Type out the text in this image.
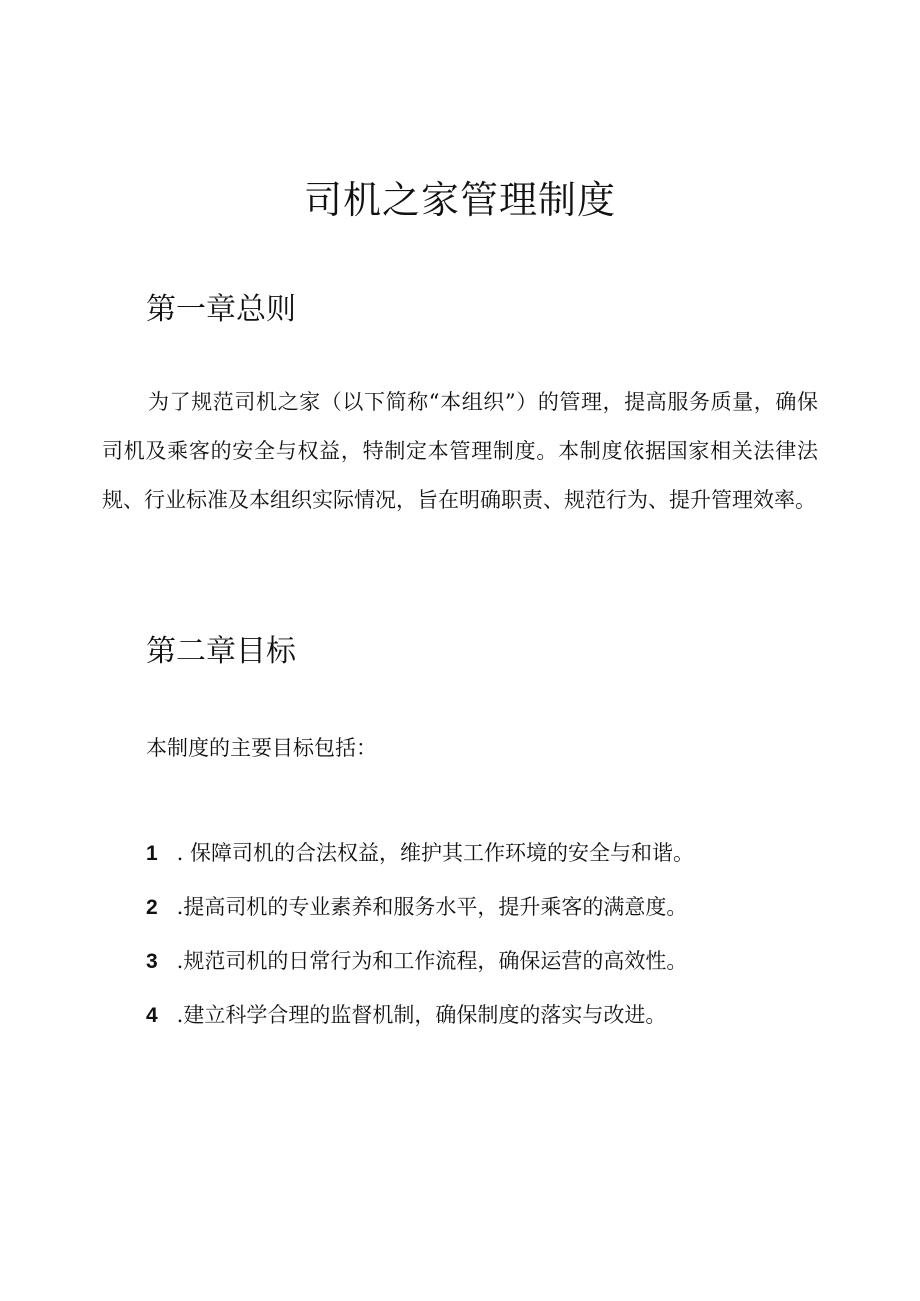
司机之家管理制度
第一章总则

为了规范司机之家（以下简称“本组织”）的管理，提高服务质量，确保司机及乘客的安全与权益，特制定本管理制度。本制度依据国家相关法律法规、行业标准及本组织实际情况，旨在明确职责、规范行为、提升管理效率。

第二章目标

本制度的主要目标包括：

1 . 保障司机的合法权益，维护其工作环境的安全与和谐。
2 .提高司机的专业素养和服务水平，提升乘客的满意度。
3 .规范司机的日常行为和工作流程，确保运营的高效性。
4 .建立科学合理的监督机制，确保制度的落实与改进。
